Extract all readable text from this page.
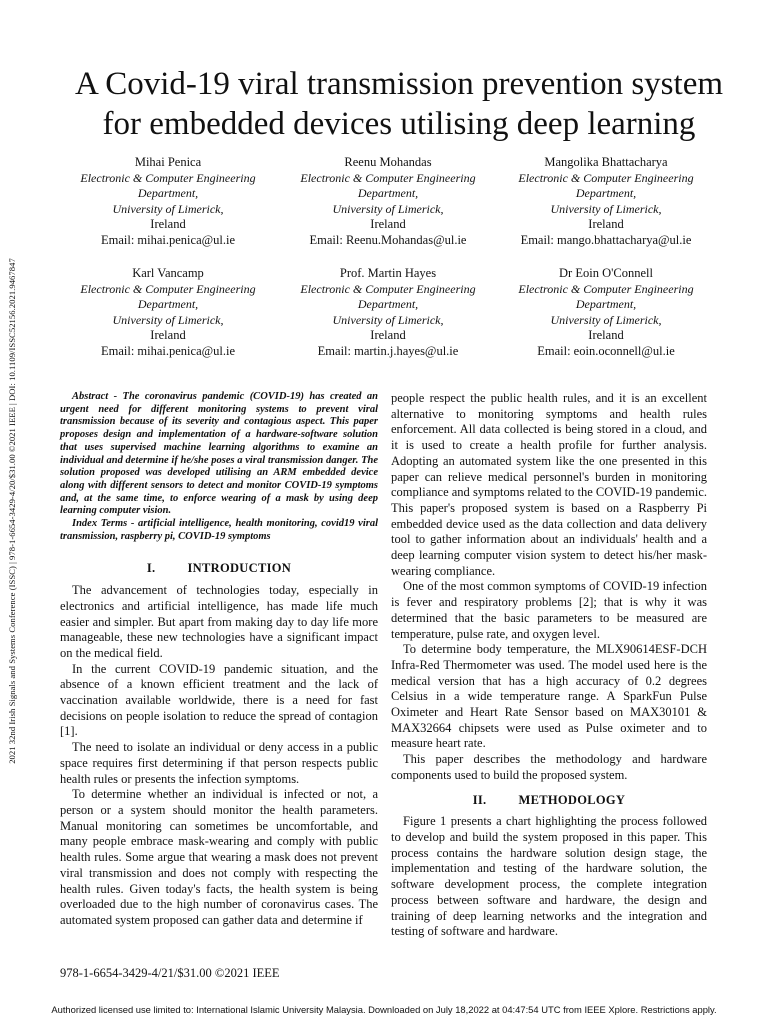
2021 32nd Irish Signals and Systems Conference (ISSC) | 978-1-6654-3429-4/20/$31.00 ©2021 IEEE | DOI: 10.1109/ISSC52156.2021.9467847
A Covid-19 viral transmission prevention system
for embedded devices utilising deep learning
Mihai Penica
Electronic & Computer Engineering
Department,
University of Limerick,
Ireland
Email: mihai.penica@ul.ie
Reenu Mohandas
Electronic & Computer Engineering
Department,
University of Limerick,
Ireland
Email: Reenu.Mohandas@ul.ie
Mangolika Bhattacharya
Electronic & Computer Engineering
Department,
University of Limerick,
Ireland
Email: mango.bhattacharya@ul.ie
Karl Vancamp
Electronic & Computer Engineering
Department,
University of Limerick,
Ireland
Email: mihai.penica@ul.ie
Prof. Martin Hayes
Electronic & Computer Engineering
Department,
University of Limerick,
Ireland
Email: martin.j.hayes@ul.ie
Dr Eoin O'Connell
Electronic & Computer Engineering
Department,
University of Limerick,
Ireland
Email: eoin.oconnell@ul.ie

Abstract - The coronavirus pandemic (COVID-19) has created an urgent need for different monitoring systems to prevent viral transmission because of its severity and contagious aspect. This paper proposes design and implementation of a hardware-software solution that uses supervised machine learning algorithms to examine an individual and determine if he/she poses a viral transmission danger. The solution proposed was developed utilising an ARM embedded device along with different sensors to detect and monitor COVID-19 symptoms and, at the same time, to enforce wearing of a mask by using deep learning computer vision.

Index Terms - artificial intelligence, health monitoring, covid19 viral transmission, raspberry pi, COVID-19 symptoms

I.	INTRODUCTION

The advancement of technologies today, especially in electronics and artificial intelligence, has made life much easier and simpler. But apart from making day to day life more manageable, these new technologies have a significant impact on the medical field.

In the current COVID-19 pandemic situation, and the absence of a known efficient treatment and the lack of vaccination available worldwide, there is a need for fast decisions on people isolation to reduce the spread of contagion [1].

The need to isolate an individual or deny access in a public space requires first determining if that person respects public health rules or presents the infection symptoms.

To determine whether an individual is infected or not, a person or a system should monitor the health parameters. Manual monitoring can sometimes be uncomfortable, and many people embrace mask-wearing and comply with public health rules. Some argue that wearing a mask does not prevent viral transmission and does not comply with respecting the health rules. Given today's facts, the health system is being overloaded due to the high number of coronavirus cases. The automated system proposed can gather data and determine if

people respect the public health rules, and it is an excellent alternative to monitoring symptoms and health rules enforcement. All data collected is being stored in a cloud, and it is used to create a health profile for further analysis. Adopting an automated system like the one presented in this paper can relieve medical personnel's burden in monitoring compliance and symptoms related to the COVID-19 pandemic. This paper's proposed system is based on a Raspberry Pi embedded device used as the data collection and data delivery tool to gather information about an individuals' health and a deep learning computer vision system to detect his/her mask-wearing compliance.

One of the most common symptoms of COVID-19 infection is fever and respiratory problems [2]; that is why it was determined that the basic parameters to be measured are temperature, pulse rate, and oxygen level.

To determine body temperature, the MLX90614ESF-DCH Infra-Red Thermometer was used. The model used here is the medical version that has a high accuracy of 0.2 degrees Celsius in a wide temperature range. A SparkFun Pulse Oximeter and Heart Rate Sensor based on MAX30101 & MAX32664 chipsets were used as Pulse oximeter and to measure heart rate.

This paper describes the methodology and hardware components used to build the proposed system.

II.	METHODOLOGY

Figure 1 presents a chart highlighting the process followed to develop and build the system proposed in this paper. This process contains the hardware solution design stage, the implementation and testing of the hardware solution, the software development process, the complete integration process between software and hardware, the design and training of deep learning networks and the integration and testing of software and hardware.

978-1-6654-3429-4/21/$31.00 ©2021 IEEE
Authorized licensed use limited to: International Islamic University Malaysia. Downloaded on July 18,2022 at 04:47:54 UTC from IEEE Xplore. Restrictions apply.
